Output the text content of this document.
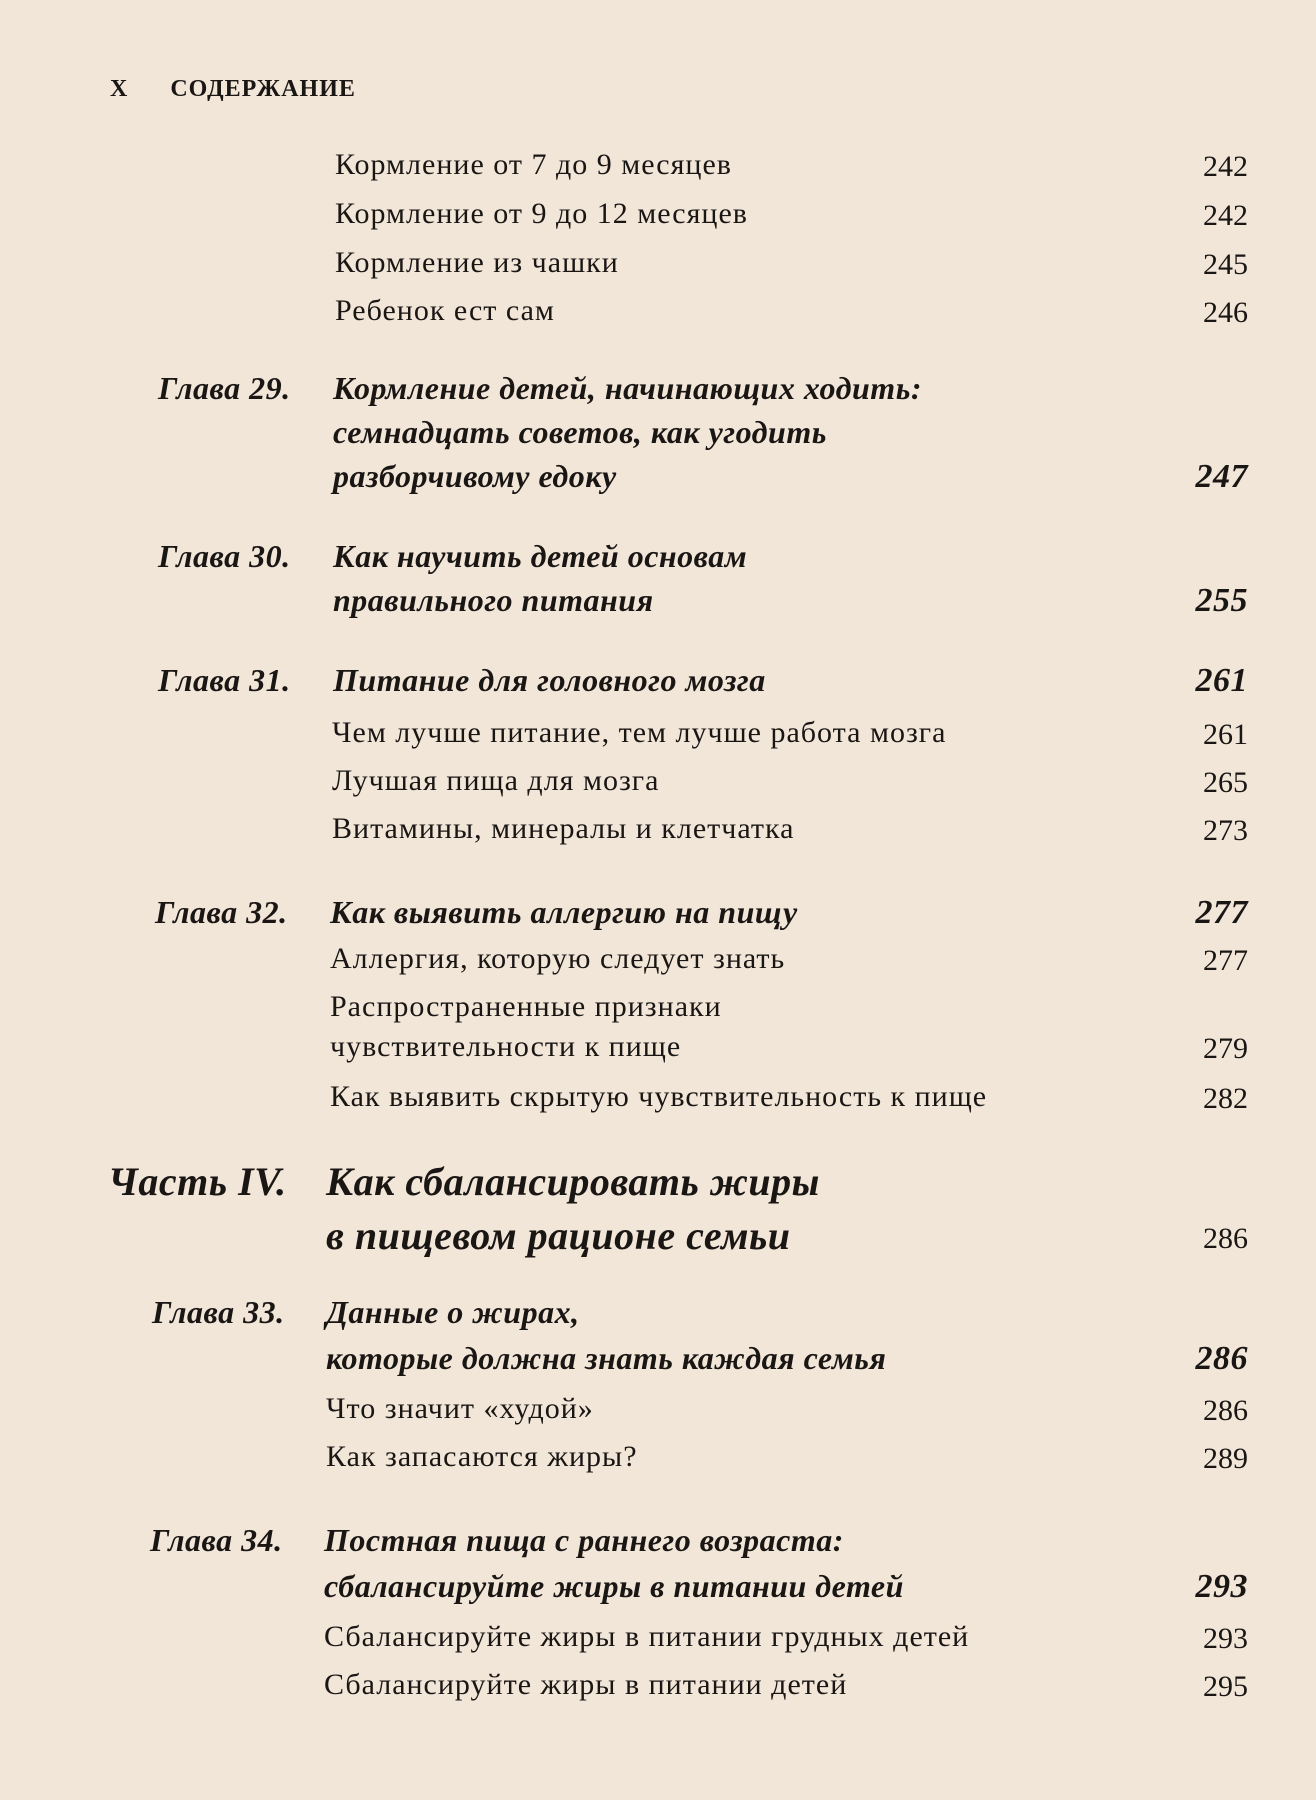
X СОДЕРЖАНИЕ
Кормление от 7 до 9 месяцев	242
Кормление от 9 до 12 месяцев	242
Кормление из чашки	245
Ребенок ест сам	246
Глава 29. Кормление детей, начинающих ходить:
семнадцать советов, как угодить
разборчивому едоку	247
Глава 30. Как научить детей основам
правильного питания	255
Глава 31. Питание для головного мозга	261
Чем лучше питание, тем лучше работа мозга	261
Лучшая пища для мозга	265
Витамины, минералы и клетчатка	273
Глава 32. Как выявить аллергию на пищу	277
Аллергия, которую следует знать	277
Распространенные признаки
чувствительности к пище	279
Как выявить скрытую чувствительность к пище	282
Часть IV. Как сбалансировать жиры
в пищевом рационе семьи	286
Глава 33. Данные о жирах,
которые должна знать каждая семья	286
Что значит «худой»	286
Как запасаются жиры?	289
Глава 34. Постная пища с раннего возраста:
сбалансируйте жиры в питании детей	293
Сбалансируйте жиры в питании грудных детей	293
Сбалансируйте жиры в питании детей	295
